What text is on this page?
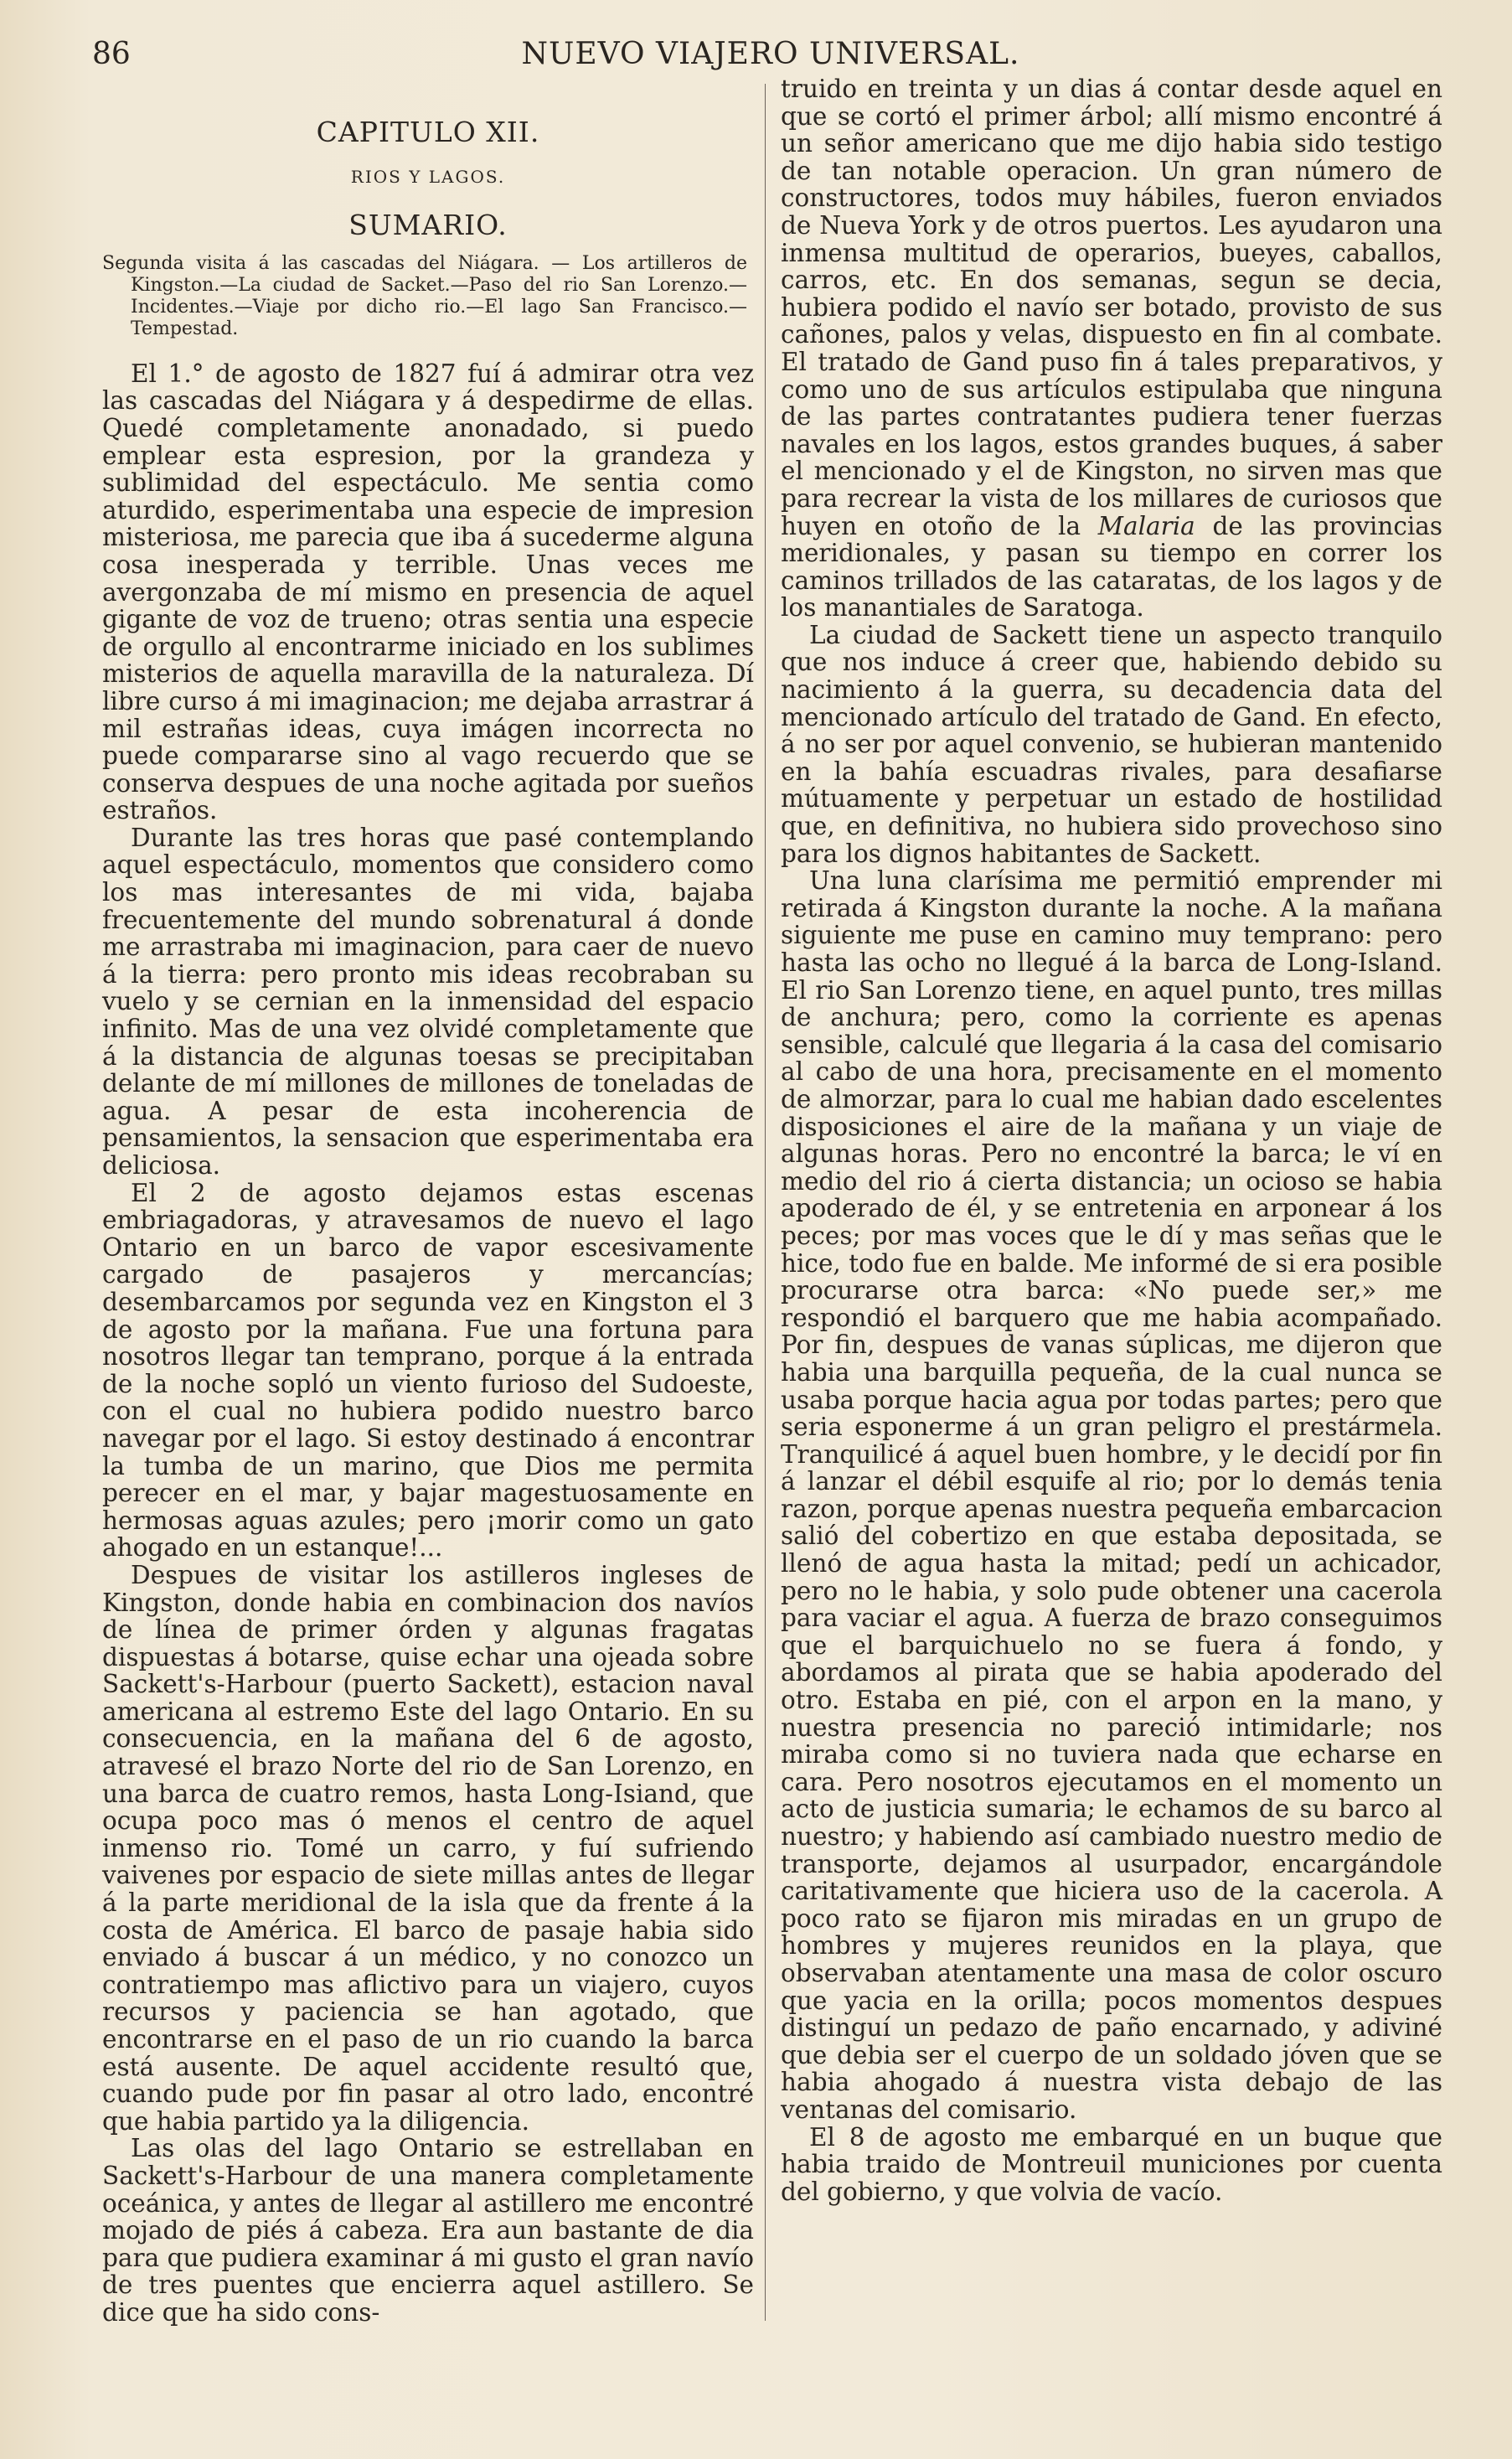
86	NUEVO VIAJERO UNIVERSAL.
CAPITULO XII.
RIOS Y LAGOS.
SUMARIO.
Segunda visita á las cascadas del Niágara. — Los artilleros de Kingston.—La ciudad de Sacket.—Paso del rio San Lorenzo.—Incidentes.—Viaje por dicho rio.—El lago San Francisco.—Tempestad.

El 1.° de agosto de 1827 fuí á admirar otra vez las cascadas del Niágara y á despedirme de ellas. Quedé completamente anonadado, si puedo emplear esta espresion, por la grandeza y sublimidad del espectáculo. Me sentia como aturdido, esperimentaba una especie de impresion misteriosa, me parecia que iba á sucederme alguna cosa inesperada y terrible. Unas veces me avergonzaba de mí mismo en presencia de aquel gigante de voz de trueno; otras sentia una especie de orgullo al encontrarme iniciado en los sublimes misterios de aquella maravilla de la naturaleza. Dí libre curso á mi imaginacion; me dejaba arrastrar á mil estrañas ideas, cuya imágen incorrecta no puede compararse sino al vago recuerdo que se conserva despues de una noche agitada por sueños estraños.

Durante las tres horas que pasé contemplando aquel espectáculo, momentos que considero como los mas interesantes de mi vida, bajaba frecuentemente del mundo sobrenatural á donde me arrastraba mi imaginacion, para caer de nuevo á la tierra: pero pronto mis ideas recobraban su vuelo y se cernian en la inmensidad del espacio infinito. Mas de una vez olvidé completamente que á la distancia de algunas toesas se precipitaban delante de mí millones de millones de toneladas de agua. A pesar de esta incoherencia de pensamientos, la sensacion que esperimentaba era deliciosa.

El 2 de agosto dejamos estas escenas embriagadoras, y atravesamos de nuevo el lago Ontario en un barco de vapor escesivamente cargado de pasajeros y mercancías; desembarcamos por segunda vez en Kingston el 3 de agosto por la mañana. Fue una fortuna para nosotros llegar tan temprano, porque á la entrada de la noche sopló un viento furioso del Sudoeste, con el cual no hubiera podido nuestro barco navegar por el lago. Si estoy destinado á encontrar la tumba de un marino, que Dios me permita perecer en el mar, y bajar magestuosamente en hermosas aguas azules; pero ¡morir como un gato ahogado en un estanque!...

Despues de visitar los astilleros ingleses de Kingston, donde habia en combinacion dos navíos de línea de primer órden y algunas fragatas dispuestas á botarse, quise echar una ojeada sobre Sackett's-Harbour (puerto Sackett), estacion naval americana al estremo Este del lago Ontario. En su consecuencia, en la mañana del 6 de agosto, atravesé el brazo Norte del rio de San Lorenzo, en una barca de cuatro remos, hasta Long-Isiand, que ocupa poco mas ó menos el centro de aquel inmenso rio. Tomé un carro, y fuí sufriendo vaivenes por espacio de siete millas antes de llegar á la parte meridional de la isla que da frente á la costa de América. El barco de pasaje habia sido enviado á buscar á un médico, y no conozco un contratiempo mas aflictivo para un viajero, cuyos recursos y paciencia se han agotado, que encontrarse en el paso de un rio cuando la barca está ausente. De aquel accidente resultó que, cuando pude por fin pasar al otro lado, encontré que habia partido ya la diligencia.

Las olas del lago Ontario se estrellaban en Sackett's-Harbour de una manera completamente oceánica, y antes de llegar al astillero me encontré mojado de piés á cabeza. Era aun bastante de dia para que pudiera examinar á mi gusto el gran navío de tres puentes que encierra aquel astillero. Se dice que ha sido cons-

truido en treinta y un dias á contar desde aquel en que se cortó el primer árbol; allí mismo encontré á un señor americano que me dijo habia sido testigo de tan notable operacion. Un gran número de constructores, todos muy hábiles, fueron enviados de Nueva York y de otros puertos. Les ayudaron una inmensa multitud de operarios, bueyes, caballos, carros, etc. En dos semanas, segun se decia, hubiera podido el navío ser botado, provisto de sus cañones, palos y velas, dispuesto en fin al combate. El tratado de Gand puso fin á tales preparativos, y como uno de sus artículos estipulaba que ninguna de las partes contratantes pudiera tener fuerzas navales en los lagos, estos grandes buques, á saber el mencionado y el de Kingston, no sirven mas que para recrear la vista de los millares de curiosos que huyen en otoño de la Malaria de las provincias meridionales, y pasan su tiempo en correr los caminos trillados de las cataratas, de los lagos y de los manantiales de Saratoga.

La ciudad de Sackett tiene un aspecto tranquilo que nos induce á creer que, habiendo debido su nacimiento á la guerra, su decadencia data del mencionado artículo del tratado de Gand. En efecto, á no ser por aquel convenio, se hubieran mantenido en la bahía escuadras rivales, para desafiarse mútuamente y perpetuar un estado de hostilidad que, en definitiva, no hubiera sido provechoso sino para los dignos habitantes de Sackett.

Una luna clarísima me permitió emprender mi retirada á Kingston durante la noche. A la mañana siguiente me puse en camino muy temprano: pero hasta las ocho no llegué á la barca de Long-Island. El rio San Lorenzo tiene, en aquel punto, tres millas de anchura; pero, como la corriente es apenas sensible, calculé que llegaria á la casa del comisario al cabo de una hora, precisamente en el momento de almorzar, para lo cual me habian dado escelentes disposiciones el aire de la mañana y un viaje de algunas horas. Pero no encontré la barca; le ví en medio del rio á cierta distancia; un ocioso se habia apoderado de él, y se entretenia en arponear á los peces; por mas voces que le dí y mas señas que le hice, todo fue en balde. Me informé de si era posible procurarse otra barca: «No puede ser,» me respondió el barquero que me habia acompañado. Por fin, despues de vanas súplicas, me dijeron que habia una barquilla pequeña, de la cual nunca se usaba porque hacia agua por todas partes; pero que seria esponerme á un gran peligro el prestármela. Tranquilicé á aquel buen hombre, y le decidí por fin á lanzar el débil esquife al rio; por lo demás tenia razon, porque apenas nuestra pequeña embarcacion salió del cobertizo en que estaba depositada, se llenó de agua hasta la mitad; pedí un achicador, pero no le habia, y solo pude obtener una cacerola para vaciar el agua. A fuerza de brazo conseguimos que el barquichuelo no se fuera á fondo, y abordamos al pirata que se habia apoderado del otro. Estaba en pié, con el arpon en la mano, y nuestra presencia no pareció intimidarle; nos miraba como si no tuviera nada que echarse en cara. Pero nosotros ejecutamos en el momento un acto de justicia sumaria; le echamos de su barco al nuestro; y habiendo así cambiado nuestro medio de transporte, dejamos al usurpador, encargándole caritativamente que hiciera uso de la cacerola. A poco rato se fijaron mis miradas en un grupo de hombres y mujeres reunidos en la playa, que observaban atentamente una masa de color oscuro que yacia en la orilla; pocos momentos despues distinguí un pedazo de paño encarnado, y adiviné que debia ser el cuerpo de un soldado jóven que se habia ahogado á nuestra vista debajo de las ventanas del comisario.

El 8 de agosto me embarqué en un buque que habia traido de Montreuil municiones por cuenta del gobierno, y que volvia de vacío.
